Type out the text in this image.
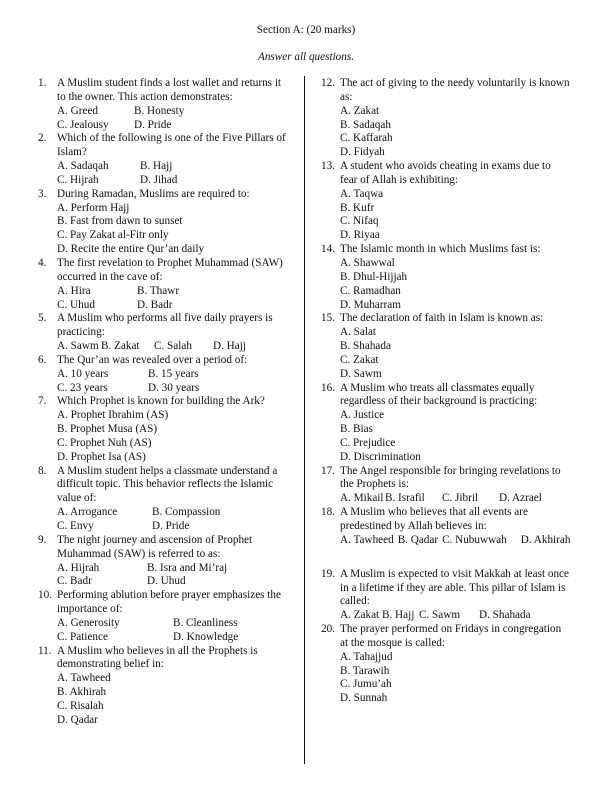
Section A: (20 marks)
Answer all questions.
1. A Muslim student finds a lost wallet and returns it
to the owner. This action demonstrates:
A. Greed	B. Honesty
C. Jealousy D. Pride
2. Which of the following is one of the Five Pillars of
Islam?
A. Sadaqah	B. Hajj
C. Hijrah	D. Jihad
3. During Ramadan, Muslims are required to:
A. Perform Hajj
B. Fast from dawn to sunset
C. Pay Zakat al-Fitr only
D. Recite the entire Qur’an daily
4. The first revelation to Prophet Muhammad (SAW)
occurred in the cave of:
A. Hira	B. Thawr
C. Uhud	D. Badr
5. A Muslim who performs all five daily prayers is
practicing:
A. Sawm B. Zakat C. Salah D. Hajj
6. The Qur’an was revealed over a period of:
A. 10 years	B. 15 years
C. 23 years	D. 30 years
7. Which Prophet is known for building the Ark?
A. Prophet Ibrahim (AS)
B. Prophet Musa (AS)
C. Prophet Nuh (AS)
D. Prophet Isa (AS)
8. A Muslim student helps a classmate understand a
difficult topic. This behavior reflects the Islamic
value of:
A. Arrogance	B. Compassion
C. Envy	D. Pride
9. The night journey and ascension of Prophet
Muhammad (SAW) is referred to as:
A. Hijrah	B. Isra and Mi’raj
C. Badr	D. Uhud
10. Performing ablution before prayer emphasizes the
importance of:
A. Generosity	B. Cleanliness
C. Patience	D. Knowledge
11. A Muslim who believes in all the Prophets is
demonstrating belief in:
A. Tawheed
B. Akhirah
C. Risalah
D. Qadar
12. The act of giving to the needy voluntarily is known
as:
A. Zakat
B. Sadaqah
C. Kaffarah
D. Fidyah
13. A student who avoids cheating in exams due to
fear of Allah is exhibiting:
A. Taqwa
B. Kufr
C. Nifaq
D. Riyaa
14. The Islamic month in which Muslims fast is:
A. Shawwal
B. Dhul-Hijjah
C. Ramadhan
D. Muharram
15. The declaration of faith in Islam is known as:
A. Salat
B. Shahada
C. Zakat
D. Sawm
16. A Muslim who treats all classmates equally
regardless of their background is practicing:
A. Justice
B. Bias
C. Prejudice
D. Discrimination
17. The Angel responsible for bringing revelations to
the Prophets is:
A. MikailB. Israfil C. Jibril D. Azrael
18. A Muslim who believes that all events are
predestined by Allah believes in:
A. Tawheed B. Qadar C. Nubuwwah D. Akhirah
19. A Muslim is expected to visit Makkah at least once
in a lifetime if they are able. This pillar of Islam is
called:
A. Zakat B. Hajj C. Sawm D. Shahada
20. The prayer performed on Fridays in congregation
at the mosque is called:
A. Tahajjud
B. Tarawih
C. Jumu’ah
D. Sunnah
